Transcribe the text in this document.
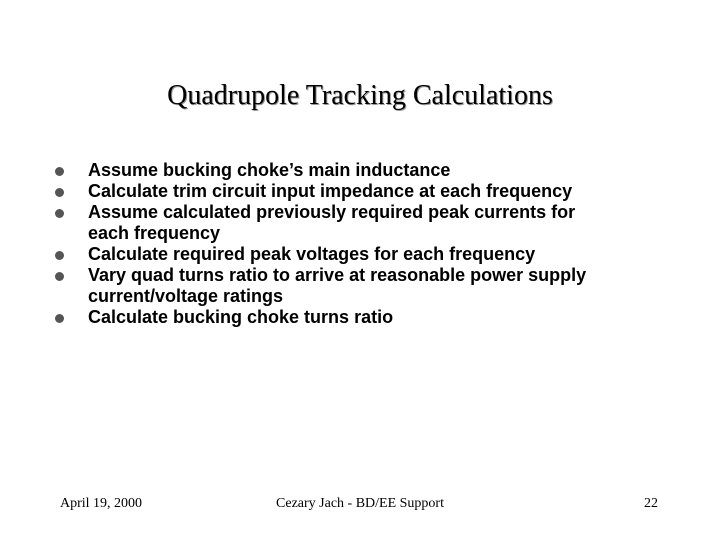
Quadrupole Tracking Calculations
Assume bucking choke’s main inductance
Calculate trim circuit input impedance at each frequency
Assume calculated previously required peak currents for
each frequency
Calculate required peak voltages for each frequency
Vary quad turns ratio to arrive at reasonable power supply
current/voltage ratings
Calculate bucking choke turns ratio
April 19, 2000	Cezary Jach - BD/EE Support	22
